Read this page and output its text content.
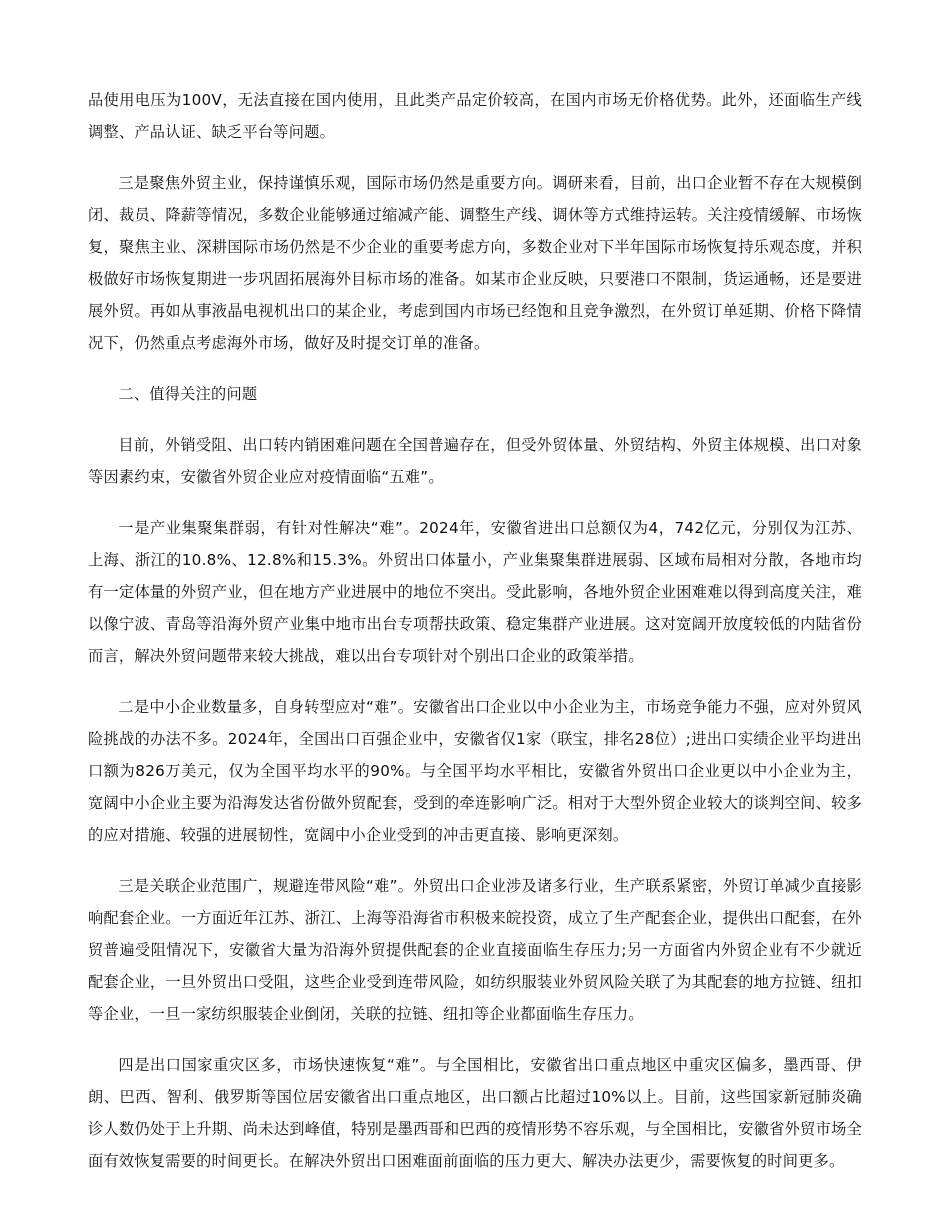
品使用电压为100V，无法直接在国内使用，且此类产品定价较高，在国内市场无价格优势。此外，还面临生产线调整、产品认证、缺乏平台等问题。

三是聚焦外贸主业，保持谨慎乐观，国际市场仍然是重要方向。调研来看，目前，出口企业暂不存在大规模倒闭、裁员、降薪等情况，多数企业能够通过缩减产能、调整生产线、调休等方式维持运转。关注疫情缓解、市场恢复，聚焦主业、深耕国际市场仍然是不少企业的重要考虑方向，多数企业对下半年国际市场恢复持乐观态度，并积极做好市场恢复期进一步巩固拓展海外目标市场的准备。如某市企业反映，只要港口不限制，货运通畅，还是要进展外贸。再如从事液晶电视机出口的某企业，考虑到国内市场已经饱和且竞争激烈，在外贸订单延期、价格下降情况下，仍然重点考虑海外市场，做好及时提交订单的准备。

二、值得关注的问题

目前，外销受阻、出口转内销困难问题在全国普遍存在，但受外贸体量、外贸结构、外贸主体规模、出口对象等因素约束，安徽省外贸企业应对疫情面临“五难”。

一是产业集聚集群弱，有针对性解决“难”。2024年，安徽省进出口总额仅为4，742亿元，分别仅为江苏、上海、浙江的10.8%、12.8%和15.3%。外贸出口体量小，产业集聚集群进展弱、区域布局相对分散，各地市均有一定体量的外贸产业，但在地方产业进展中的地位不突出。受此影响，各地外贸企业困难难以得到高度关注，难以像宁波、青岛等沿海外贸产业集中地市出台专项帮扶政策、稳定集群产业进展。这对宽阔开放度较低的内陆省份而言，解决外贸问题带来较大挑战，难以出台专项针对个别出口企业的政策举措。

二是中小企业数量多，自身转型应对“难”。安徽省出口企业以中小企业为主，市场竞争能力不强，应对外贸风险挑战的办法不多。2024年，全国出口百强企业中，安徽省仅1家（联宝，排名28位）;进出口实绩企业平均进出口额为826万美元，仅为全国平均水平的90%。与全国平均水平相比，安徽省外贸出口企业更以中小企业为主，宽阔中小企业主要为沿海发达省份做外贸配套，受到的牵连影响广泛。相对于大型外贸企业较大的谈判空间、较多的应对措施、较强的进展韧性，宽阔中小企业受到的冲击更直接、影响更深刻。

三是关联企业范围广，规避连带风险“难”。外贸出口企业涉及诸多行业，生产联系紧密，外贸订单减少直接影响配套企业。一方面近年江苏、浙江、上海等沿海省市积极来皖投资，成立了生产配套企业，提供出口配套，在外贸普遍受阻情况下，安徽省大量为沿海外贸提供配套的企业直接面临生存压力;另一方面省内外贸企业有不少就近配套企业，一旦外贸出口受阻，这些企业受到连带风险，如纺织服装业外贸风险关联了为其配套的地方拉链、纽扣等企业，一旦一家纺织服装企业倒闭，关联的拉链、纽扣等企业都面临生存压力。

四是出口国家重灾区多，市场快速恢复“难”。与全国相比，安徽省出口重点地区中重灾区偏多，墨西哥、伊朗、巴西、智利、俄罗斯等国位居安徽省出口重点地区，出口额占比超过10%以上。目前，这些国家新冠肺炎确诊人数仍处于上升期、尚未达到峰值，特别是墨西哥和巴西的疫情形势不容乐观，与全国相比，安徽省外贸市场全面有效恢复需要的时间更长。在解决外贸出口困难面前面临的压力更大、解决办法更少，需要恢复的时间更多。
